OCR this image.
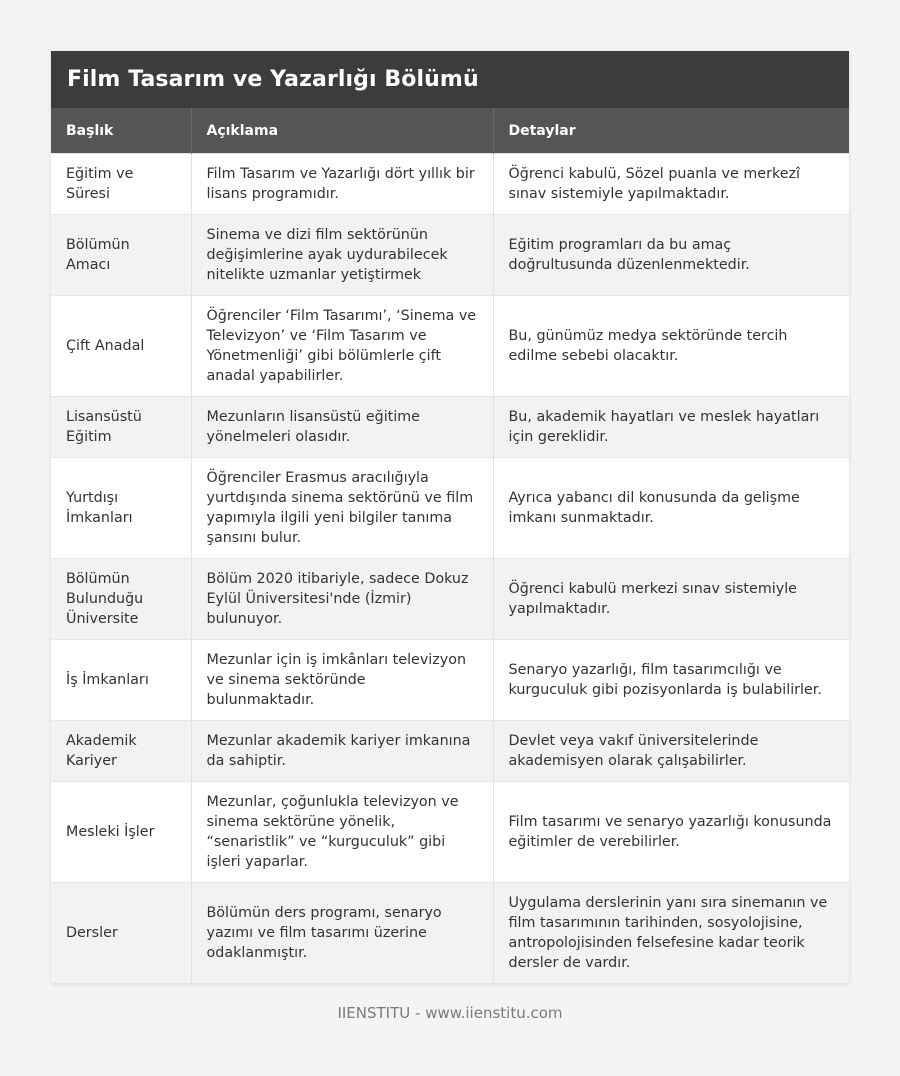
Film Tasarım ve Yazarlığı Bölümü
Başlık	Açıklama	Detaylar
Eğitim ve Süresi	Film Tasarım ve Yazarlığı dört yıllık bir lisans programıdır.	Öğrenci kabulü, Sözel puanla ve merkezî sınav sistemiyle yapılmaktadır.
Bölümün Amacı	Sinema ve dizi film sektörünün değişimlerine ayak uydurabilecek nitelikte uzmanlar yetiştirmek	Eğitim programları da bu amaç doğrultusunda düzenlenmektedir.
Çift Anadal	Öğrenciler ‘Film Tasarımı’, ‘Sinema ve Televizyon’ ve ‘Film Tasarım ve Yönetmenliği’ gibi bölümlerle çift anadal yapabilirler.	Bu, günümüz medya sektöründe tercih edilme sebebi olacaktır.
Lisansüstü Eğitim	Mezunların lisansüstü eğitime yönelmeleri olasıdır.	Bu, akademik hayatları ve meslek hayatları için gereklidir.
Yurtdışı İmkanları	Öğrenciler Erasmus aracılığıyla yurtdışında sinema sektörünü ve film yapımıyla ilgili yeni bilgiler tanıma şansını bulur.	Ayrıca yabancı dil konusunda da gelişme imkanı sunmaktadır.
Bölümün Bulunduğu Üniversite	Bölüm 2020 itibariyle, sadece Dokuz Eylül Üniversitesi'nde (İzmir) bulunuyor.	Öğrenci kabulü merkezi sınav sistemiyle yapılmaktadır.
İş İmkanları	Mezunlar için iş imkânları televizyon ve sinema sektöründe bulunmaktadır.	Senaryo yazarlığı, film tasarımcılığı ve kurguculuk gibi pozisyonlarda iş bulabilirler.
Akademik Kariyer	Mezunlar akademik kariyer imkanına da sahiptir.	Devlet veya vakıf üniversitelerinde akademisyen olarak çalışabilirler.
Mesleki İşler	Mezunlar, çoğunlukla televizyon ve sinema sektörüne yönelik, “senaristlik” ve “kurguculuk” gibi işleri yaparlar.	Film tasarımı ve senaryo yazarlığı konusunda eğitimler de verebilirler.
Dersler	Bölümün ders programı, senaryo yazımı ve film tasarımı üzerine odaklanmıştır.	Uygulama derslerinin yanı sıra sinemanın ve film tasarımının tarihinden, sosyolojisine, antropolojisinden felsefesine kadar teorik dersler de vardır.
IIENSTITU - www.iienstitu.com
